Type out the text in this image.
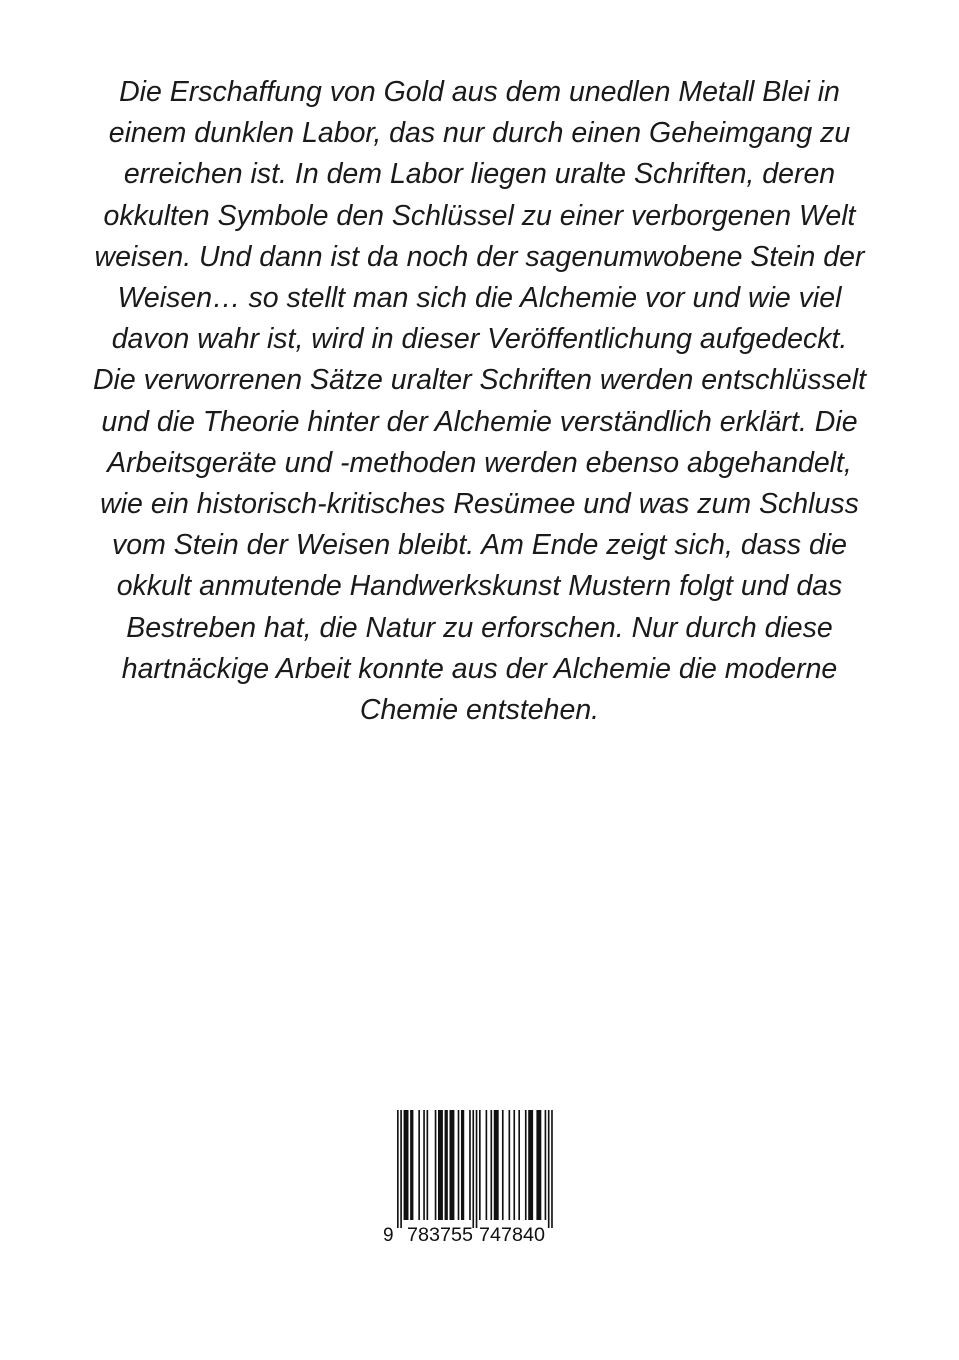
Die Erschaffung von Gold aus dem unedlen Metall Blei in
einem dunklen Labor, das nur durch einen Geheimgang zu
erreichen ist. In dem Labor liegen uralte Schriften, deren
okkulten Symbole den Schlüssel zu einer verborgenen Welt
weisen. Und dann ist da noch der sagenumwobene Stein der
Weisen… so stellt man sich die Alchemie vor und wie viel
davon wahr ist, wird in dieser Veröffentlichung aufgedeckt.
Die verworrenen Sätze uralter Schriften werden entschlüsselt
und die Theorie hinter der Alchemie verständlich erklärt. Die
Arbeitsgeräte und -methoden werden ebenso abgehandelt,
wie ein historisch-kritisches Resümee und was zum Schluss
vom Stein der Weisen bleibt. Am Ende zeigt sich, dass die
okkult anmutende Handwerkskunst Mustern folgt und das
Bestreben hat, die Natur zu erforschen. Nur durch diese
hartnäckige Arbeit konnte aus der Alchemie die moderne
Chemie entstehen.
9 783755 747840
